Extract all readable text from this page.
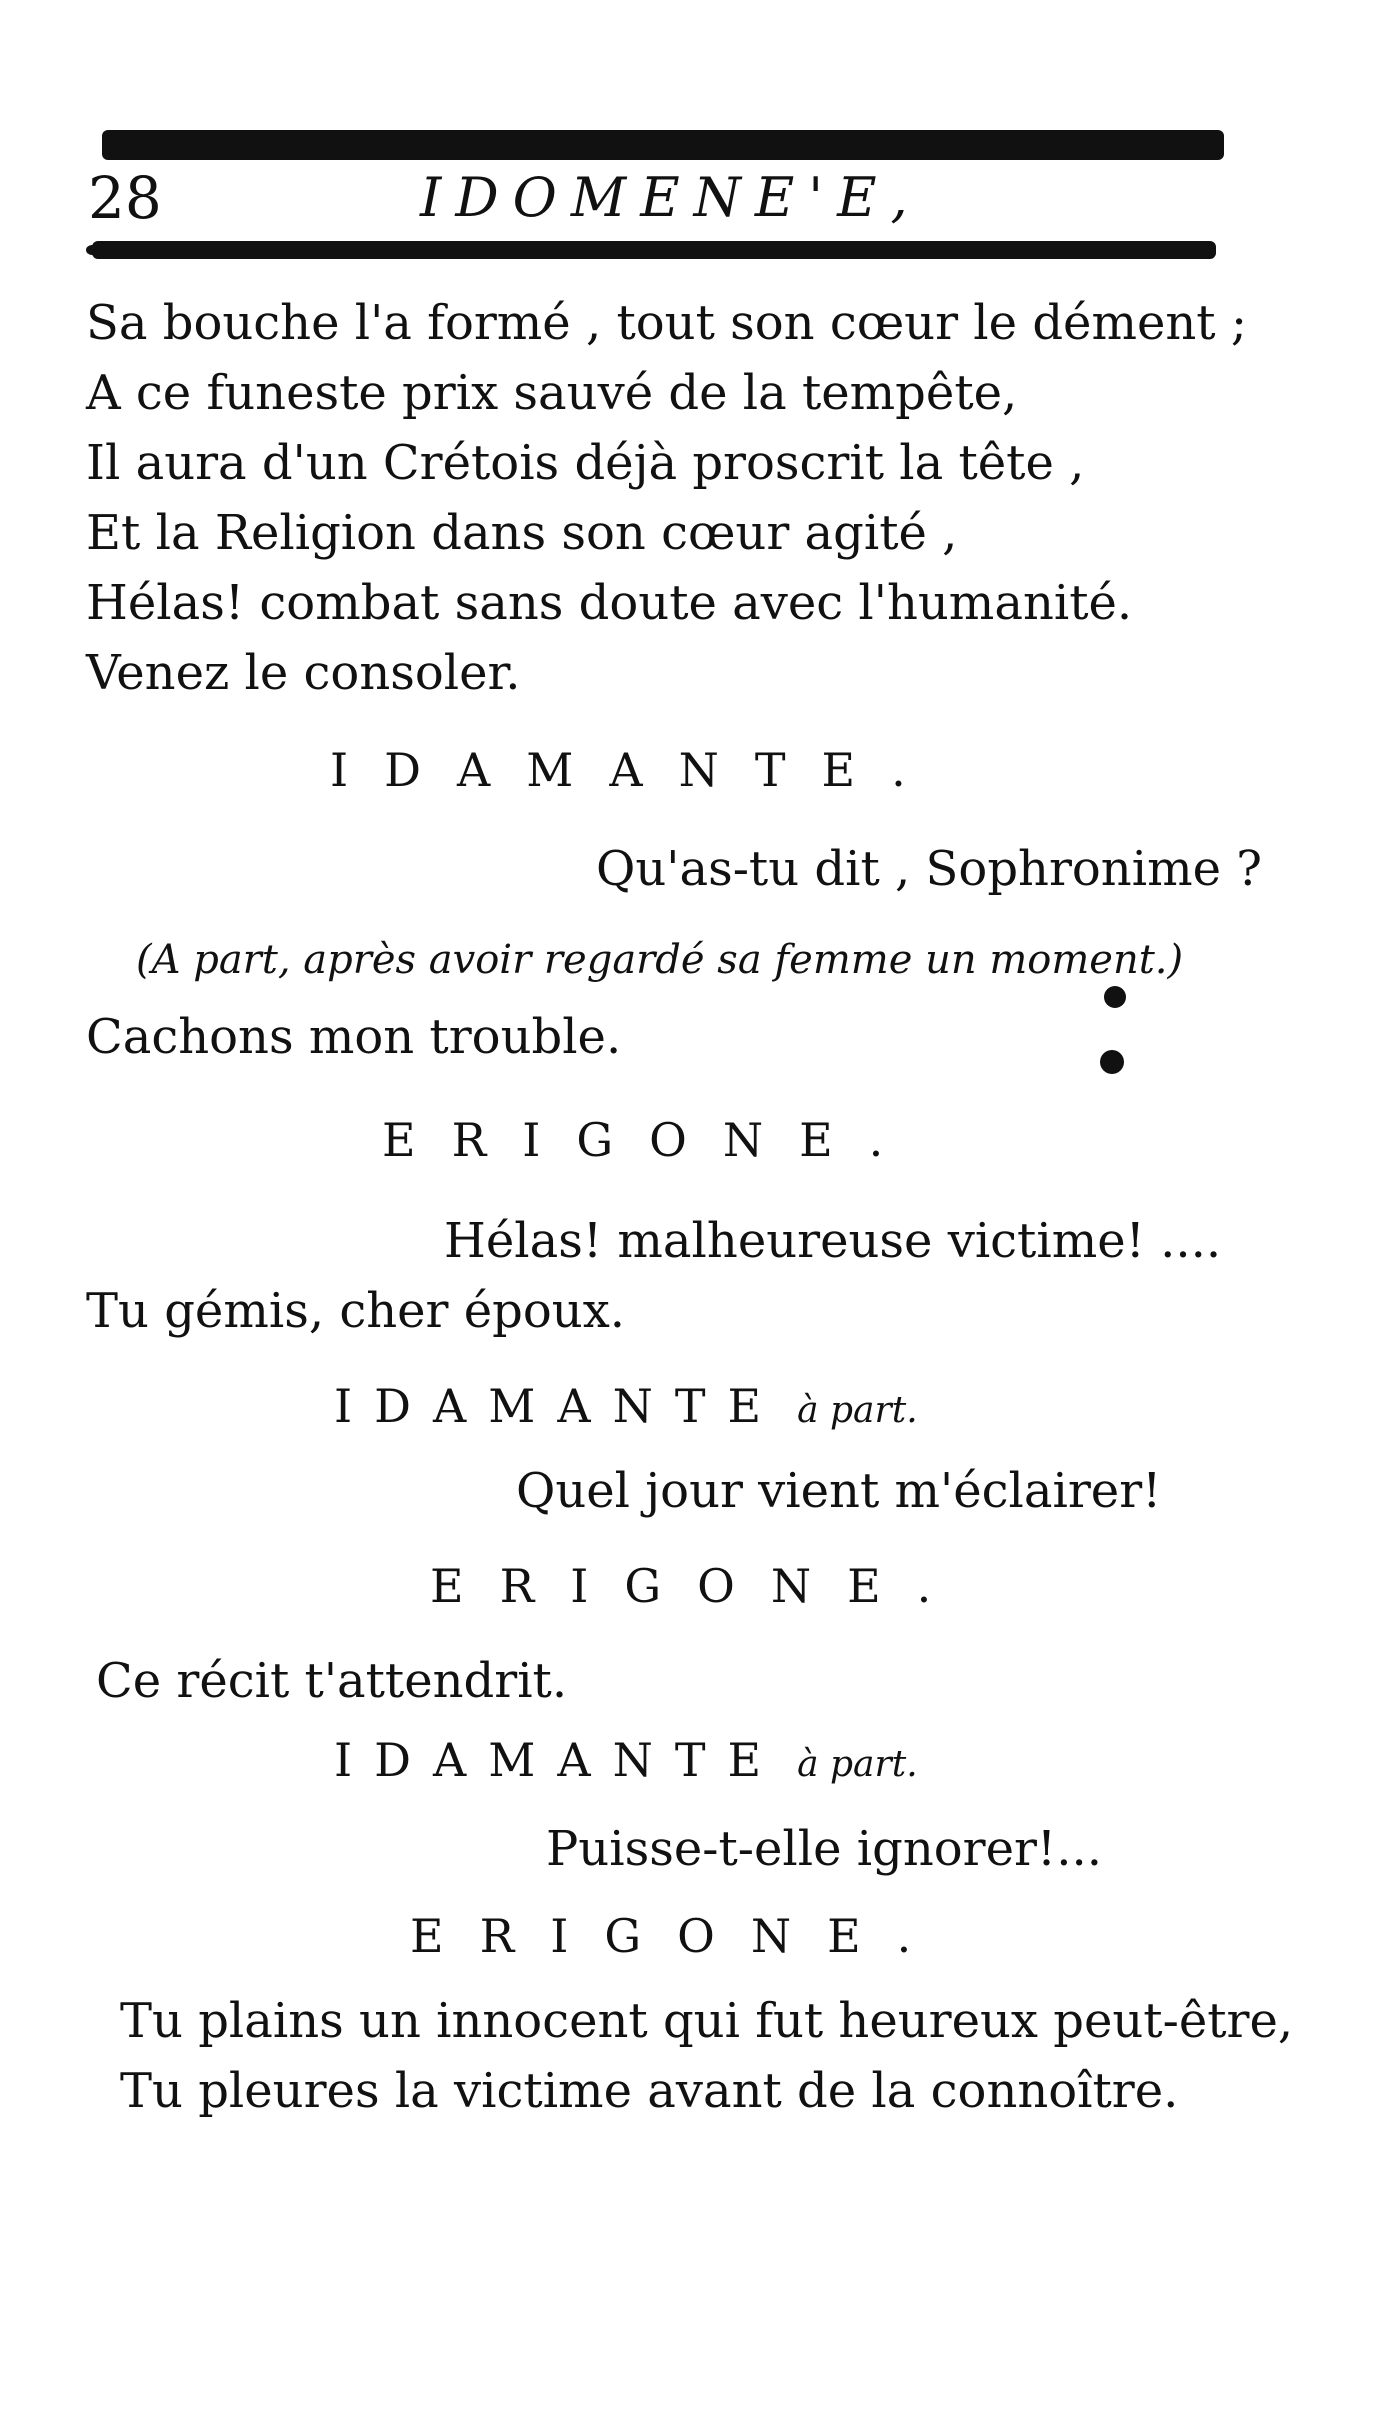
28	IDOMENE'E,
Sa bouche l'a formé , tout son cœur le dément ;
A ce funeste prix sauvé de la tempête,
Il aura d'un Crétois déjà proscrit la tête ,
Et la Religion dans son cœur agité ,
Hélas! combat sans doute avec l'humanité.
Venez le consoler.
IDAMANTE.
Qu'as-tu dit , Sophronime ?
(A part, après avoir regardé sa femme un moment.)
Cachons mon trouble.
ERIGONE.
Hélas! malheureuse victime! ....
Tu gémis, cher époux.
IDAMANTE à part.
Quel jour vient m'éclairer!
ERIGONE.
Ce récit t'attendrit.
IDAMANTE à part.
Puisse-t-elle ignorer!...
ERIGONE.
Tu plains un innocent qui fut heureux peut-être,
Tu pleures la victime avant de la connoître.
